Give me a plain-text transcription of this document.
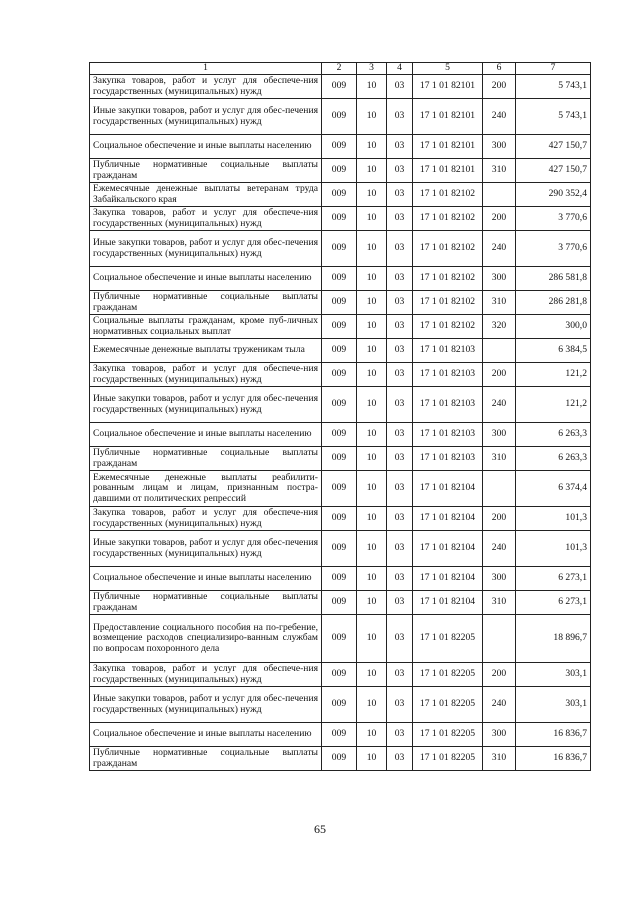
1	2	3	4	5	6	7
Закупка товаров, работ и услуг для обеспече-ния государственных (муниципальных) нужд	009	10	03	17 1 01 82101	200	5 743,1
Иные закупки товаров, работ и услуг для обес-печения государственных (муниципальных) нужд	009	10	03	17 1 01 82101	240	5 743,1
Социальное обеспечение и иные выплаты населению	009	10	03	17 1 01 82101	300	427 150,7
Публичные нормативные социальные выплаты гражданам	009	10	03	17 1 01 82101	310	427 150,7
Ежемесячные денежные выплаты ветеранам труда Забайкальского края	009	10	03	17 1 01 82102		290 352,4
Закупка товаров, работ и услуг для обеспече-ния государственных (муниципальных) нужд	009	10	03	17 1 01 82102	200	3 770,6
Иные закупки товаров, работ и услуг для обес-печения государственных (муниципальных) нужд	009	10	03	17 1 01 82102	240	3 770,6
Социальное обеспечение и иные выплаты населению	009	10	03	17 1 01 82102	300	286 581,8
Публичные нормативные социальные выплаты гражданам	009	10	03	17 1 01 82102	310	286 281,8
Социальные выплаты гражданам, кроме пуб-личных нормативных социальных выплат	009	10	03	17 1 01 82102	320	300,0
Ежемесячные денежные выплаты труженикам тыла	009	10	03	17 1 01 82103		6 384,5
Закупка товаров, работ и услуг для обеспече-ния государственных (муниципальных) нужд	009	10	03	17 1 01 82103	200	121,2
Иные закупки товаров, работ и услуг для обес-печения государственных (муниципальных) нужд	009	10	03	17 1 01 82103	240	121,2
Социальное обеспечение и иные выплаты населению	009	10	03	17 1 01 82103	300	6 263,3
Публичные нормативные социальные выплаты гражданам	009	10	03	17 1 01 82103	310	6 263,3
Ежемесячные денежные выплаты реабилити-рованным лицам и лицам, признанным постра-давшими от политических репрессий	009	10	03	17 1 01 82104		6 374,4
Закупка товаров, работ и услуг для обеспече-ния государственных (муниципальных) нужд	009	10	03	17 1 01 82104	200	101,3
Иные закупки товаров, работ и услуг для обес-печения государственных (муниципальных) нужд	009	10	03	17 1 01 82104	240	101,3
Социальное обеспечение и иные выплаты населению	009	10	03	17 1 01 82104	300	6 273,1
Публичные нормативные социальные выплаты гражданам	009	10	03	17 1 01 82104	310	6 273,1
Предоставление социального пособия на по-гребение, возмещение расходов специализиро-ванным службам по вопросам похоронного дела	009	10	03	17 1 01 82205		18 896,7
Закупка товаров, работ и услуг для обеспече-ния государственных (муниципальных) нужд	009	10	03	17 1 01 82205	200	303,1
Иные закупки товаров, работ и услуг для обес-печения государственных (муниципальных) нужд	009	10	03	17 1 01 82205	240	303,1
Социальное обеспечение и иные выплаты населению	009	10	03	17 1 01 82205	300	16 836,7
Публичные нормативные социальные выплаты гражданам	009	10	03	17 1 01 82205	310	16 836,7
65
